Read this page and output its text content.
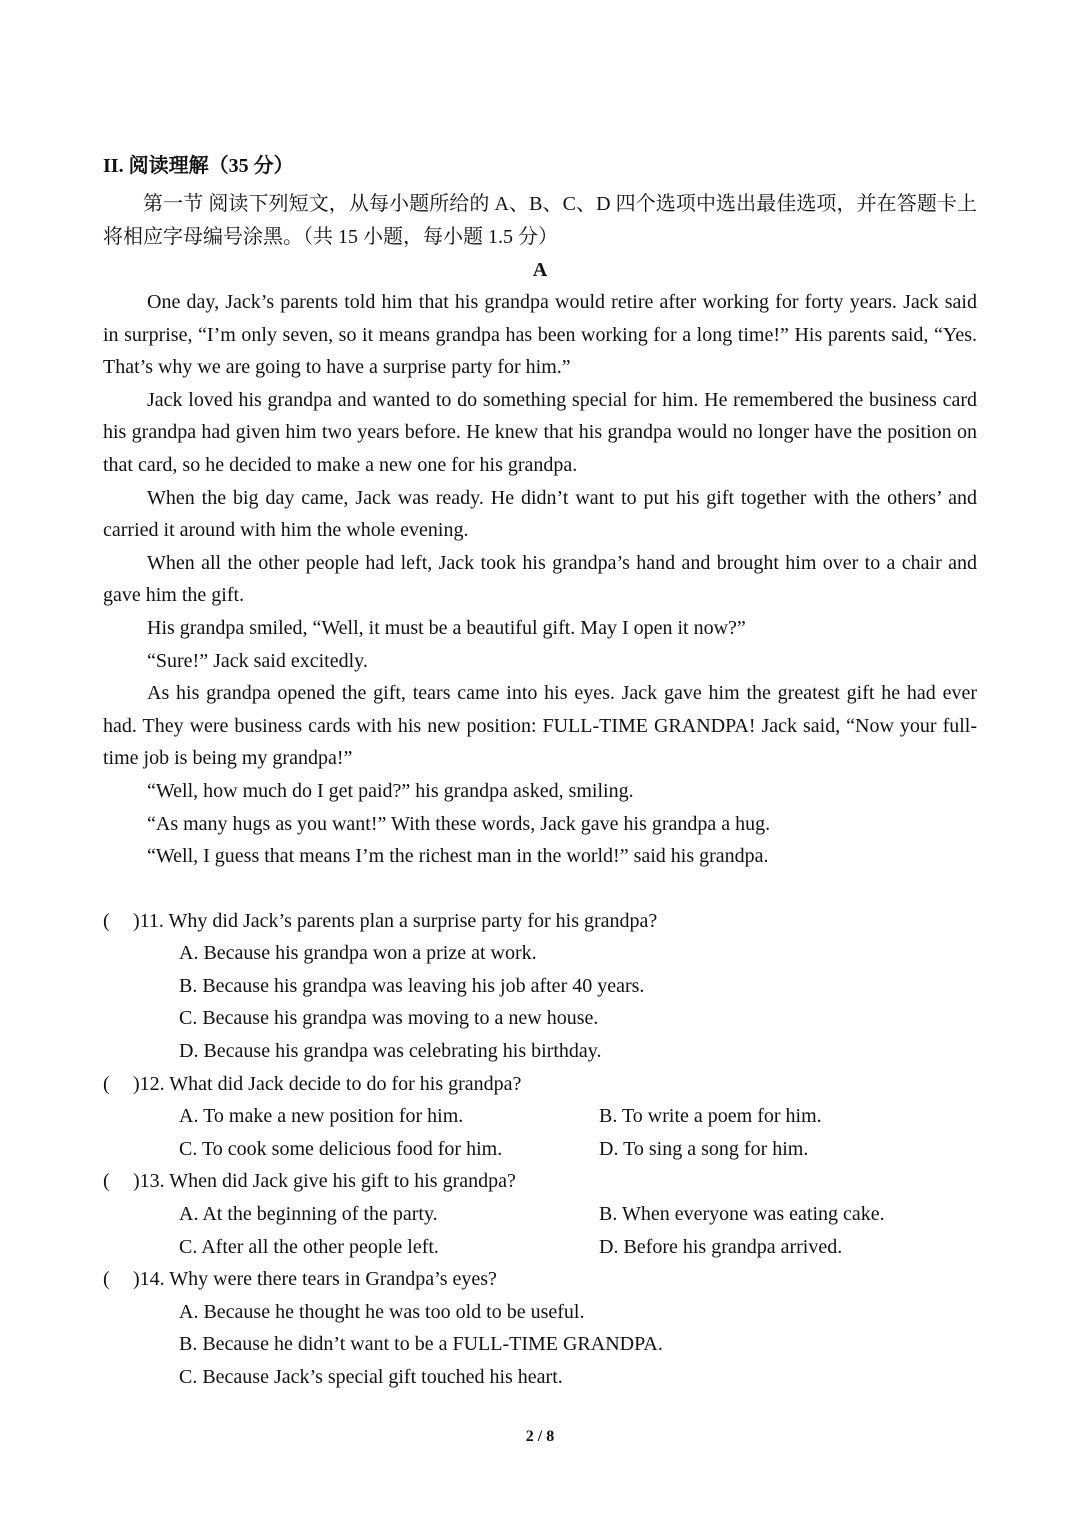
II. 阅读理解（35 分）
第一节 阅读下列短文，从每小题所给的 A、B、C、D 四个选项中选出最佳选项，并在答题卡上将相应字母编号涂黑。（共 15 小题，每小题 1.5 分）
A

One day, Jack’s parents told him that his grandpa would retire after working for forty years. Jack said in surprise, “I’m only seven, so it means grandpa has been working for a long time!” His parents said, “Yes. That’s why we are going to have a surprise party for him.”

Jack loved his grandpa and wanted to do something special for him. He remembered the business card his grandpa had given him two years before. He knew that his grandpa would no longer have the position on that card, so he decided to make a new one for his grandpa.

When the big day came, Jack was ready. He didn’t want to put his gift together with the others’ and carried it around with him the whole evening.

When all the other people had left, Jack took his grandpa’s hand and brought him over to a chair and gave him the gift.

His grandpa smiled, “Well, it must be a beautiful gift. May I open it now?”

“Sure!” Jack said excitedly.

As his grandpa opened the gift, tears came into his eyes. Jack gave him the greatest gift he had ever had. They were business cards with his new position: FULL-TIME GRANDPA! Jack said, “Now your full-time job is being my grandpa!”

“Well, how much do I get paid?” his grandpa asked, smiling.

“As many hugs as you want!” With these words, Jack gave his grandpa a hug.

“Well, I guess that means I’m the richest man in the world!” said his grandpa.

(	)11. Why did Jack’s parents plan a surprise party for his grandpa?
A. Because his grandpa won a prize at work.
B. Because his grandpa was leaving his job after 40 years.
C. Because his grandpa was moving to a new house.
D. Because his grandpa was celebrating his birthday.
(	)12. What did Jack decide to do for his grandpa?
A. To make a new position for him.	B. To write a poem for him.
C. To cook some delicious food for him.	D. To sing a song for him.
(	)13. When did Jack give his gift to his grandpa?
A. At the beginning of the party.	B. When everyone was eating cake.
C. After all the other people left.	D. Before his grandpa arrived.
(	)14. Why were there tears in Grandpa’s eyes?
A. Because he thought he was too old to be useful.
B. Because he didn’t want to be a FULL-TIME GRANDPA.
C. Because Jack’s special gift touched his heart.
2 / 8
